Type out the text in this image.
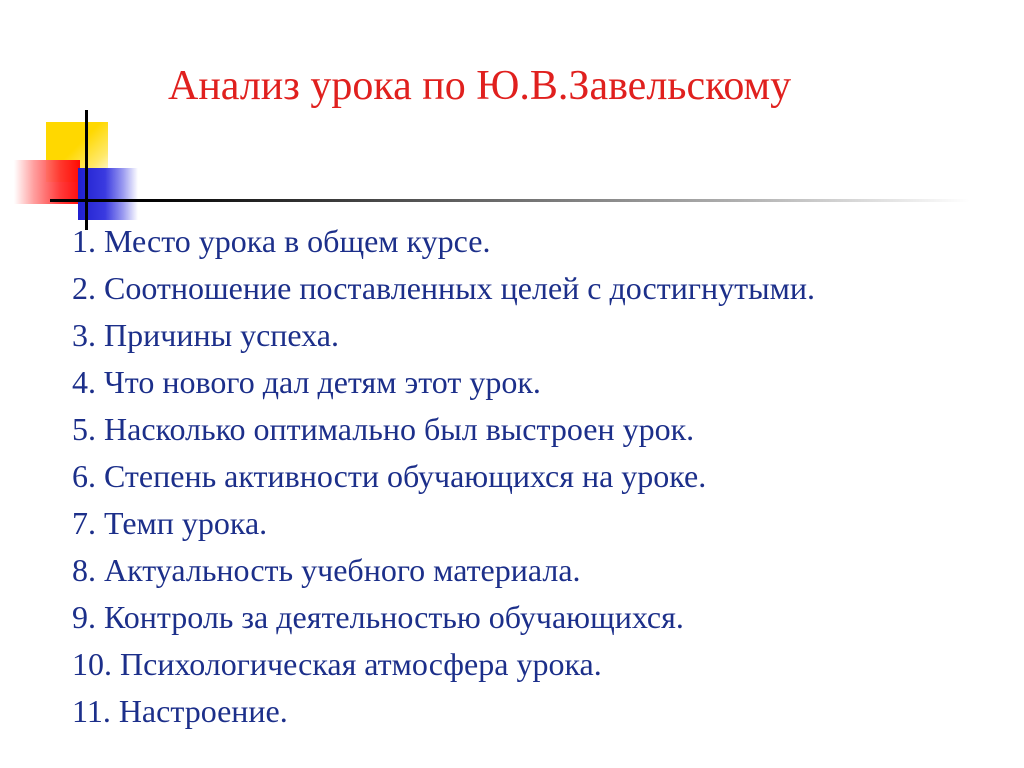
Анализ урока по Ю.В.Завельскому
1. Место урока в общем курсе.
2. Соотношение поставленных целей с достигнутыми.
3. Причины успеха.
4. Что нового дал детям этот урок.
5. Насколько оптимально был выстроен урок.
6. Степень активности обучающихся на уроке.
7. Темп урока.
8. Актуальность учебного материала.
9. Контроль за деятельностью обучающихся.
10. Психологическая атмосфера урока.
11. Настроение.
